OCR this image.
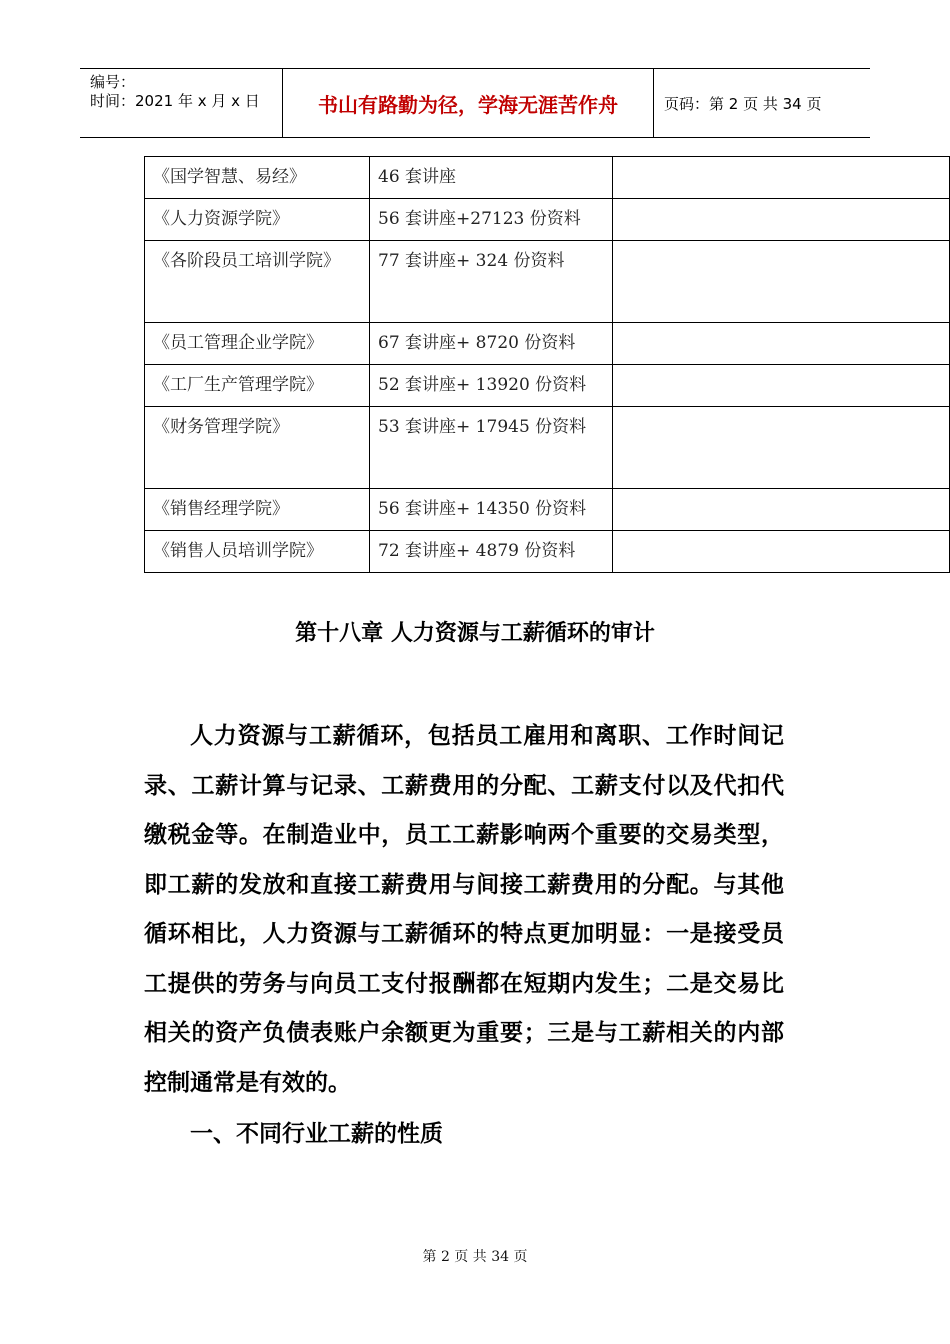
编号：
时间：2021 年 x 月 x 日	书山有路勤为径，学海无涯苦作舟	页码：第 2 页 共 34 页
《国学智慧、易经》	46 套讲座	
《人力资源学院》	56 套讲座+27123 份资料	
《各阶段员工培训学院》	77 套讲座+ 324 份资料	
《员工管理企业学院》	67 套讲座+ 8720 份资料	
《工厂生产管理学院》	52 套讲座+ 13920 份资料	
《财务管理学院》	53 套讲座+ 17945 份资料	
《销售经理学院》	56 套讲座+ 14350 份资料	
《销售人员培训学院》	72 套讲座+ 4879 份资料	
第十八章 人力资源与工薪循环的审计
人力资源与工薪循环，包括员工雇用和离职、工作时间记录、工薪计算与记录、工薪费用的分配、工薪支付以及代扣代缴税金等。在制造业中，员工工薪影响两个重要的交易类型，即工薪的发放和直接工薪费用与间接工薪费用的分配。与其他循环相比，人力资源与工薪循环的特点更加明显：一是接受员工提供的劳务与向员工支付报酬都在短期内发生；二是交易比相关的资产负债表账户余额更为重要；三是与工薪相关的内部控制通常是有效的。
一、不同行业工薪的性质
第 2 页 共 34 页
